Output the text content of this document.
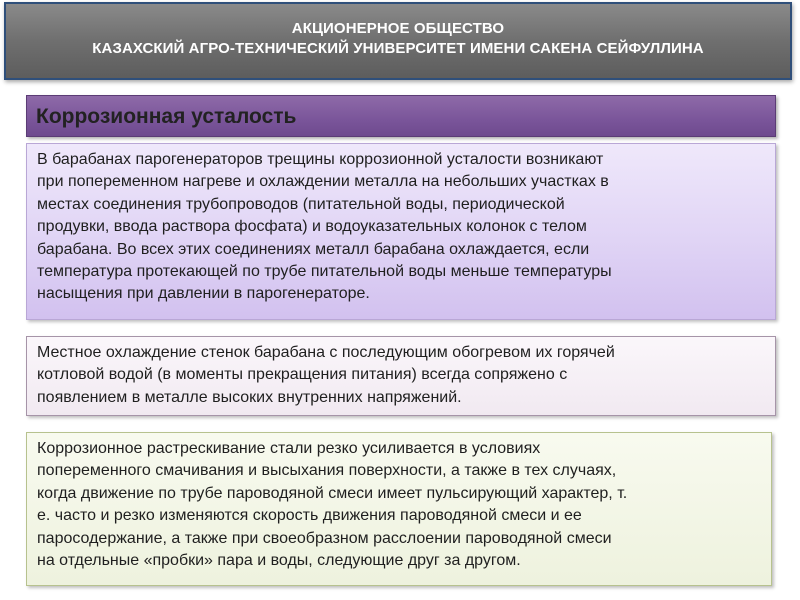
АКЦИОНЕРНОЕ ОБЩЕСТВО
КАЗАХСКИЙ АГРО-ТЕХНИЧЕСКИЙ УНИВЕРСИТЕТ ИМЕНИ САКЕНА СЕЙФУЛЛИНА
Коррозионная усталость
В барабанах парогенераторов трещины коррозионной усталости возникают
при попеременном нагреве и охлаждении металла на небольших участках в
местах соединения трубопроводов (питательной воды, периодической
продувки, ввода раствора фосфата) и водоуказательных колонок с телом
барабана. Во всех этих соединениях металл барабана охлаждается, если
температура протекающей по трубе питательной воды меньше температуры
насыщения при давлении в парогенераторе.
Местное охлаждение стенок барабана с последующим обогревом их горячей
котловой водой (в моменты прекращения питания) всегда сопряжено с
появлением в металле высоких внутренних напряжений.
Коррозионное растрескивание стали резко усиливается в условиях
попеременного смачивания и высыхания поверхности, а также в тех случаях,
когда движение по трубе пароводяной смеси имеет пульсирующий характер, т.
е. часто и резко изменяются скорость движения пароводяной смеси и ее
паросодержание, а также при своеобразном расслоении пароводяной смеси
на отдельные «пробки» пара и воды, следующие друг за другом.
